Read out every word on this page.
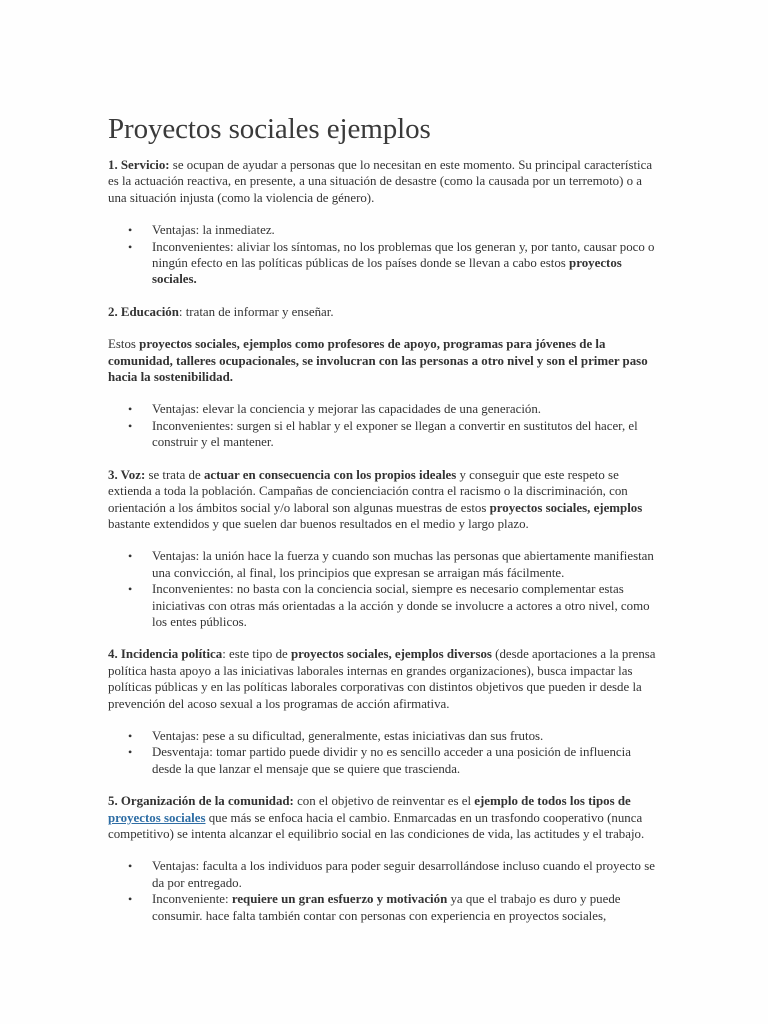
Proyectos sociales ejemplos

1. Servicio: se ocupan de ayudar a personas que lo necesitan en este momento. Su principal característica es la actuación reactiva, en presente, a una situación de desastre (como la causada por un terremoto) o a una situación injusta (como la violencia de género).

• Ventajas: la inmediatez.
• Inconvenientes: aliviar los síntomas, no los problemas que los generan y, por tanto, causar poco o ningún efecto en las políticas públicas de los países donde se llevan a cabo estos proyectos sociales.

2. Educación: tratan de informar y enseñar.

Estos proyectos sociales, ejemplos como profesores de apoyo, programas para jóvenes de la comunidad, talleres ocupacionales, se involucran con las personas a otro nivel y son el primer paso hacia la sostenibilidad.

• Ventajas: elevar la conciencia y mejorar las capacidades de una generación.
• Inconvenientes: surgen si el hablar y el exponer se llegan a convertir en sustitutos del hacer, el construir y el mantener.

3. Voz: se trata de actuar en consecuencia con los propios ideales y conseguir que este respeto se extienda a toda la población. Campañas de concienciación contra el racismo o la discriminación, con orientación a los ámbitos social y/o laboral son algunas muestras de estos proyectos sociales, ejemplos bastante extendidos y que suelen dar buenos resultados en el medio y largo plazo.

• Ventajas: la unión hace la fuerza y cuando son muchas las personas que abiertamente manifiestan una convicción, al final, los principios que expresan se arraigan más fácilmente.
• Inconvenientes: no basta con la conciencia social, siempre es necesario complementar estas iniciativas con otras más orientadas a la acción y donde se involucre a actores a otro nivel, como los entes públicos.

4. Incidencia política: este tipo de proyectos sociales, ejemplos diversos (desde aportaciones a la prensa política hasta apoyo a las iniciativas laborales internas en grandes organizaciones), busca impactar las políticas públicas y en las políticas laborales corporativas con distintos objetivos que pueden ir desde la prevención del acoso sexual a los programas de acción afirmativa.

• Ventajas: pese a su dificultad, generalmente, estas iniciativas dan sus frutos.
• Desventaja: tomar partido puede dividir y no es sencillo acceder a una posición de influencia desde la que lanzar el mensaje que se quiere que trascienda.

5. Organización de la comunidad: con el objetivo de reinventar es el ejemplo de todos los tipos de proyectos sociales que más se enfoca hacia el cambio. Enmarcadas en un trasfondo cooperativo (nunca competitivo) se intenta alcanzar el equilibrio social en las condiciones de vida, las actitudes y el trabajo.

• Ventajas: faculta a los individuos para poder seguir desarrollándose incluso cuando el proyecto se da por entregado.
• Inconveniente: requiere un gran esfuerzo y motivación ya que el trabajo es duro y puede consumir. hace falta también contar con personas con experiencia en proyectos sociales,
